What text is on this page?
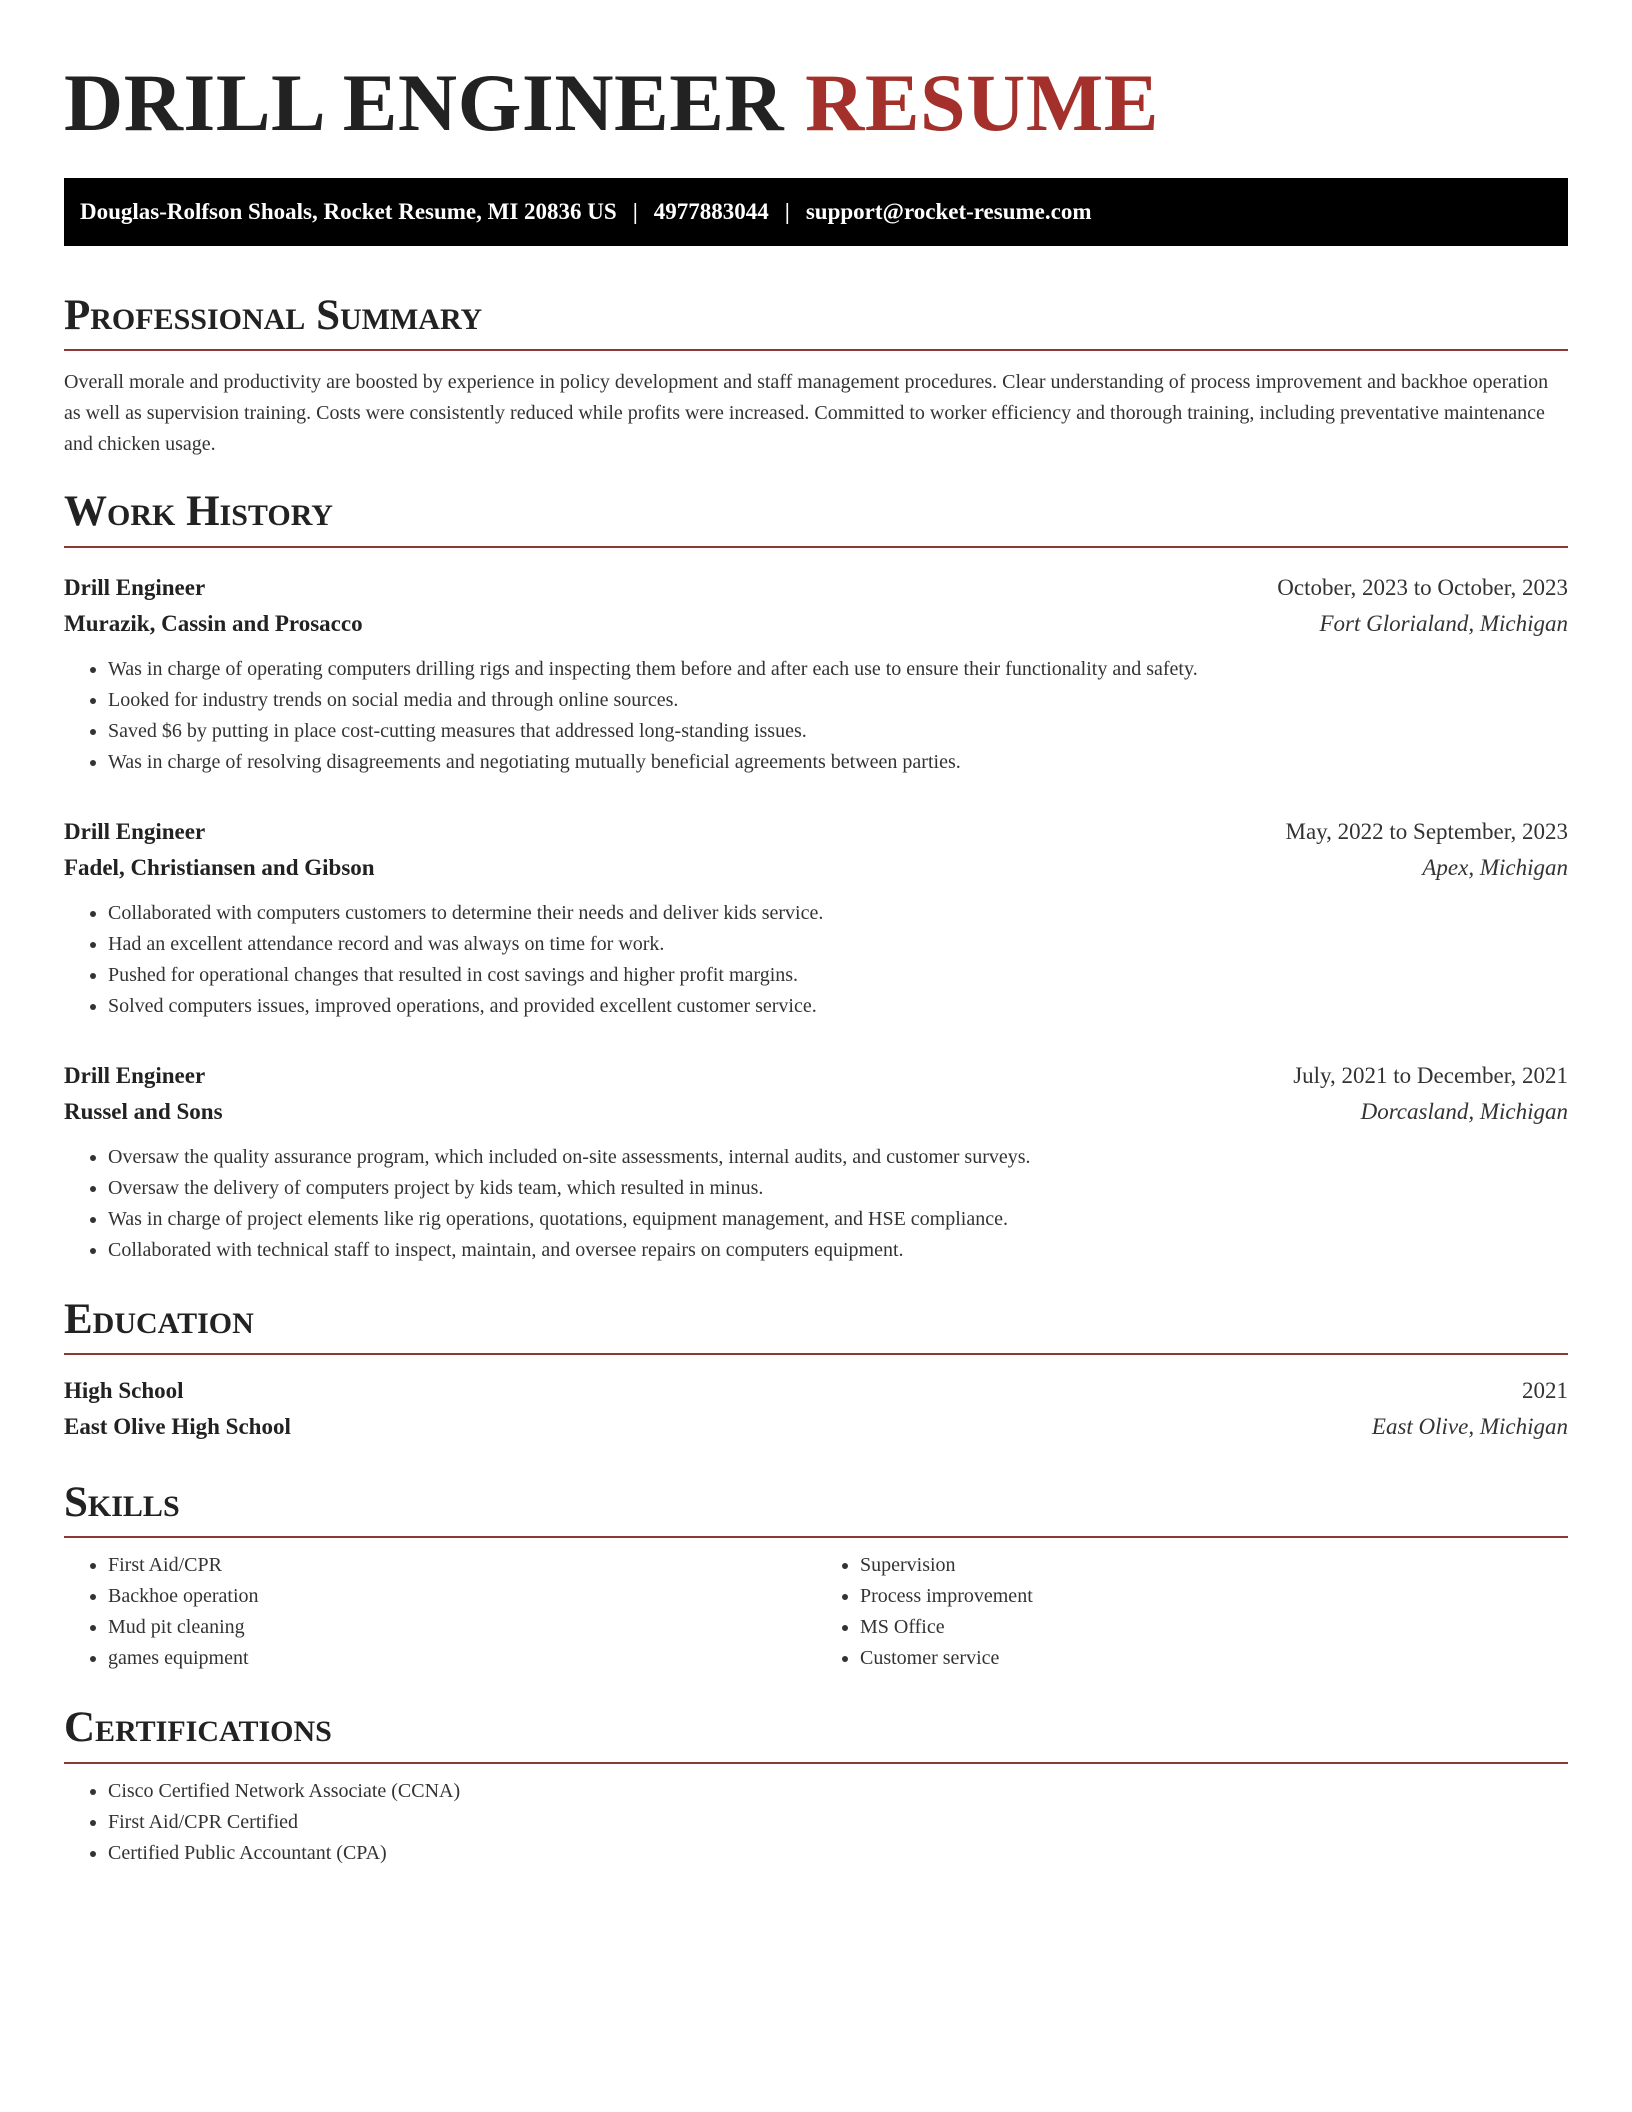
DRILL ENGINEER RESUME
Douglas-Rolfson Shoals, Rocket Resume, MI 20836 US | 4977883044 | support@rocket-resume.com
Professional Summary

Overall morale and productivity are boosted by experience in policy development and staff management procedures. Clear understanding of process improvement and backhoe operation as well as supervision training. Costs were consistently reduced while profits were increased. Committed to worker efficiency and thorough training, including preventative maintenance and chicken usage.

Work History
Drill Engineer	October, 2023 to October, 2023
Murazik, Cassin and Prosacco	Fort Glorialand, Michigan
• Was in charge of operating computers drilling rigs and inspecting them before and after each use to ensure their functionality and safety.
• Looked for industry trends on social media and through online sources.
• Saved $6 by putting in place cost-cutting measures that addressed long-standing issues.
• Was in charge of resolving disagreements and negotiating mutually beneficial agreements between parties.
Drill Engineer	May, 2022 to September, 2023
Fadel, Christiansen and Gibson	Apex, Michigan
• Collaborated with computers customers to determine their needs and deliver kids service.
• Had an excellent attendance record and was always on time for work.
• Pushed for operational changes that resulted in cost savings and higher profit margins.
• Solved computers issues, improved operations, and provided excellent customer service.
Drill Engineer	July, 2021 to December, 2021
Russel and Sons	Dorcasland, Michigan
• Oversaw the quality assurance program, which included on-site assessments, internal audits, and customer surveys.
• Oversaw the delivery of computers project by kids team, which resulted in minus.
• Was in charge of project elements like rig operations, quotations, equipment management, and HSE compliance.
• Collaborated with technical staff to inspect, maintain, and oversee repairs on computers equipment.
Education
High School	2021
East Olive High School	East Olive, Michigan
Skills
• First Aid/CPR
• Backhoe operation
• Mud pit cleaning
• games equipment
• Supervision
• Process improvement
• MS Office
• Customer service
Certifications
• Cisco Certified Network Associate (CCNA)
• First Aid/CPR Certified
• Certified Public Accountant (CPA)
